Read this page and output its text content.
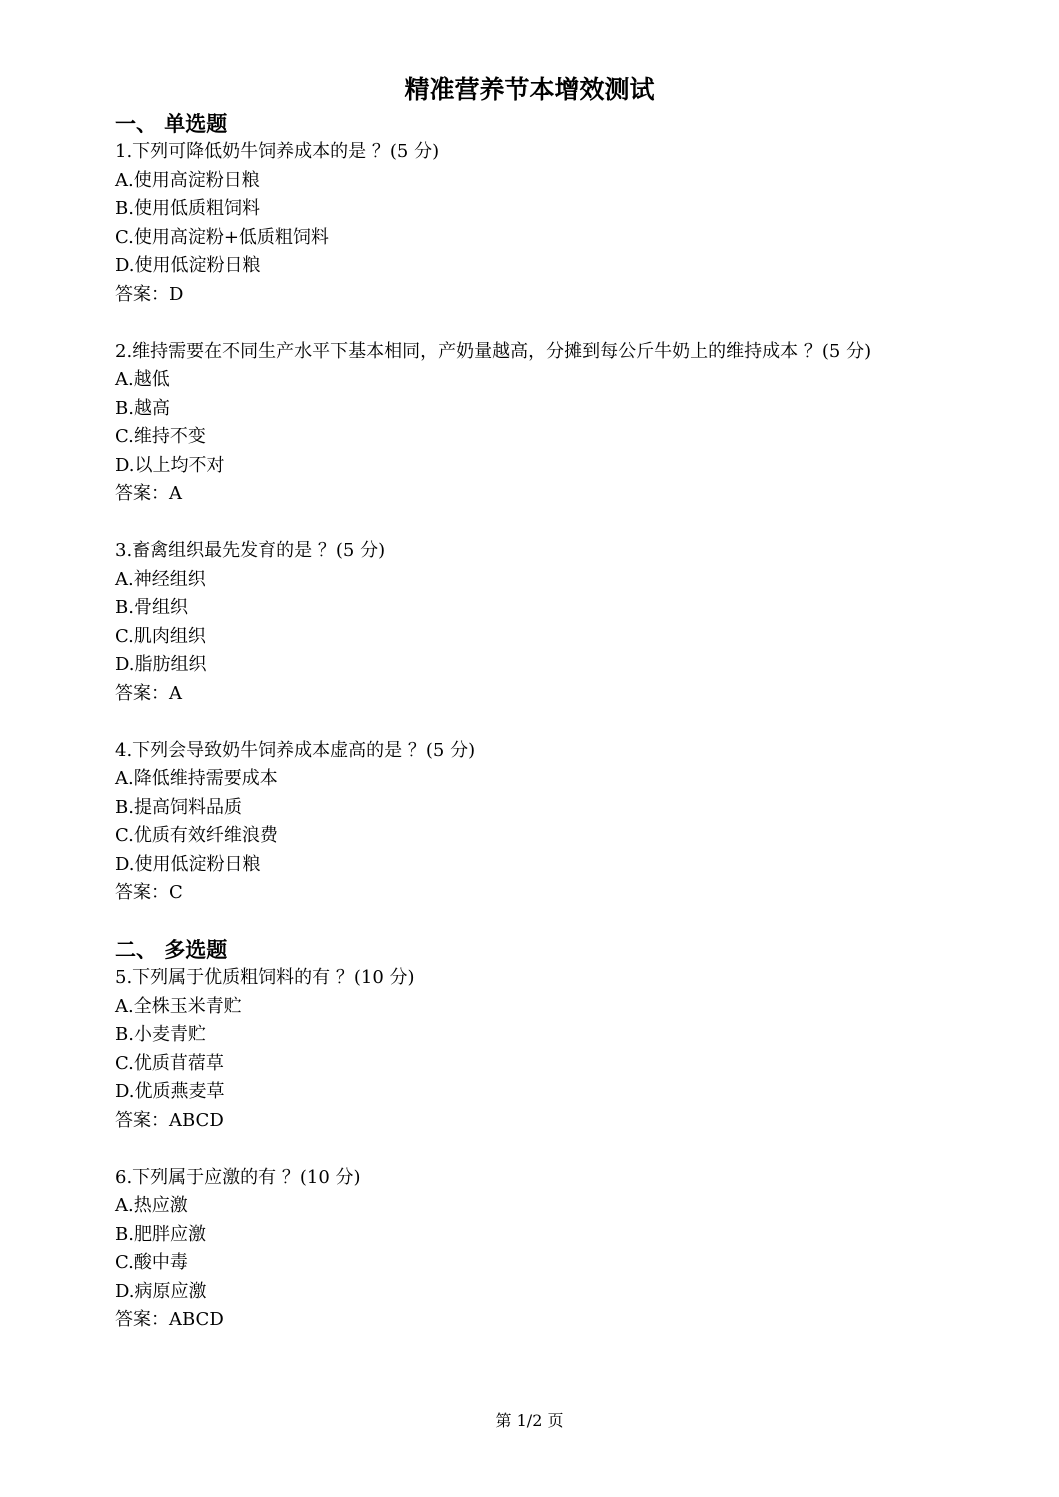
精准营养节本增效测试
一、 单选题
1.下列可降低奶牛饲养成本的是 ？(5 分)
A.使用高淀粉日粮
B.使用低质粗饲料
C.使用高淀粉+低质粗饲料
D.使用低淀粉日粮
答案：D
2.维持需要在不同生产水平下基本相同，产奶量越高，分摊到每公斤牛奶上的维持成本 ？(5 分)
A.越低
B.越高
C.维持不变
D.以上均不对
答案：A
3.畜禽组织最先发育的是 ？(5 分)
A.神经组织
B.骨组织
C.肌肉组织
D.脂肪组织
答案：A
4.下列会导致奶牛饲养成本虚高的是 ？(5 分)
A.降低维持需要成本
B.提高饲料品质
C.优质有效纤维浪费
D.使用低淀粉日粮
答案：C
二、 多选题
5.下列属于优质粗饲料的有 ？(10 分)
A.全株玉米青贮
B.小麦青贮
C.优质苜蓿草
D.优质燕麦草
答案：ABCD
6.下列属于应激的有 ？(10 分)
A.热应激
B.肥胖应激
C.酸中毒
D.病原应激
答案：ABCD
第 1/2 页
